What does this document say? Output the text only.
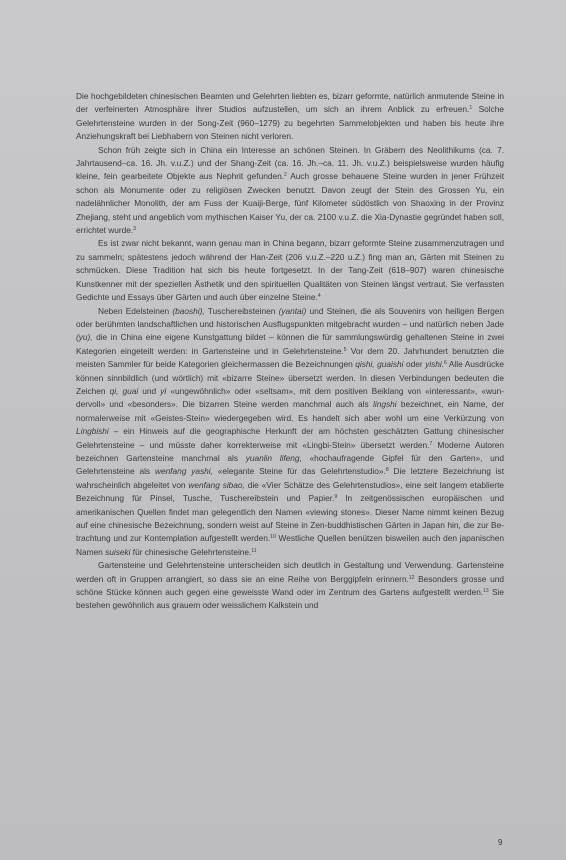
Die hochgebildeten chinesischen Beamten und Gelehrten liebten es, bizarr geformte, natürlich anmutende Steine in der verfeinerten Atmosphäre ihrer Studios aufzustellen, um sich an ihrem Anblick zu erfreuen.$^1$ Solche Gelehrtensteine wurden in der Song-Zeit (960–1279) zu begehrten Sammelobjekten und haben bis heute ihre Anziehungskraft bei Liebhabern von Steinen nicht verloren.

Schon früh zeigte sich in China ein Interesse an schönen Steinen. In Gräbern des Neolithikums (ca. 7. Jahrtausend–ca. 16. Jh. v.u.Z.) und der Shang-Zeit (ca. 16. Jh.–ca. 11. Jh. v.u.Z.) beispielsweise wurden häufig kleine, fein gearbeitete Objekte aus Nephrit gefunden.$^2$ Auch grosse behauene Steine wurden in jener Frühzeit schon als Monumente oder zu religiösen Zwecken benutzt. Davon zeugt der Stein des Grossen Yu, ein nadelähnlicher Monolith, der am Fuss der Kuaiji-Berge, fünf Kilometer südöstlich von Shaoxing in der Provinz Zhejiang, steht und angeblich vom mythischen Kaiser Yu, der ca. 2100 v.u.Z. die Xia-Dynastie gegründet haben soll, errichtet wurde.$^3$

Es ist zwar nicht bekannt, wann genau man in China begann, bizarr geformte Steine zusammenzutragen und zu sammeln; spätestens jedoch während der Han-Zeit (206 v.u.Z.–220 u.Z.) fing man an, Gärten mit Steinen zu schmücken. Diese Tradition hat sich bis heute fortgesetzt. In der Tang-Zeit (618–907) waren chinesische Kunstkenner mit der speziellen Ästhetik und den spirituellen Qualitäten von Steinen längst vertraut. Sie verfassten Gedichte und Essays über Gärten und auch über einzelne Steine.$^4$

Neben Edelsteinen (baoshi), Tuschereibsteinen (yantai) und Steinen, die als Souvenirs von heiligen Bergen oder berühmten landschaftlichen und historischen Ausflugspunkten mitgebracht wurden – und natürlich neben Jade (yu), die in China eine eigene Kunstgattung bildet – können die für sammlungswürdig gehaltenen Steine in zwei Kategorien eingeteilt werden: in Gartensteine und in Gelehrtensteine.$^5$ Vor dem 20. Jahrhundert benutzten die meisten Sammler für beide Kategorien gleichermassen die Bezeichnungen qishi, guaishi oder yishi.$^6$ Alle Ausdrücke können sinnbildlich (und wörtlich) mit «bizarre Steine» übersetzt werden. In diesen Verbindungen bedeuten die Zeichen qi, guai und yi «ungewöhnlich» oder «seltsam», mit dem positiven Beiklang von «interessant», «wundervoll» und «besonders». Die bizarren Steine werden manchmal auch als lingshi bezeichnet, ein Name, der normalerweise mit «Geistes-Stein» wiedergegeben wird. Es handelt sich aber wohl um eine Verkürzung von Lingbishi – ein Hinweis auf die geographische Herkunft der am höchsten geschätzten Gattung chinesischer Gelehrtensteine – und müsste daher korrekterweise mit «Lingbi-Stein» übersetzt werden.$^7$ Moderne Autoren bezeichnen Gartensteine manchmal als yuanlin lifeng, «hochaufragende Gipfel für den Garten», und Gelehrtensteine als wenfang yashi, «elegante Steine für das Gelehrtenstudio».$^8$ Die letztere Bezeichnung ist wahrscheinlich abgeleitet von wenfang sibao, die «Vier Schätze des Gelehrtenstudios», eine seit langem etablierte Bezeichnung für Pinsel, Tusche, Tuschereibstein und Papier.$^9$ In zeitgenössischen europäischen und amerikanischen Quellen findet man gelegentlich den Namen «viewing stones». Dieser Name nimmt keinen Bezug auf eine chinesische Bezeichnung, sondern weist auf Steine in Zen-buddhistischen Gärten in Japan hin, die zur Betrachtung und zur Kontemplation aufgestellt werden.$^{10}$ Westliche Quellen benützen bisweilen auch den japanischen Namen suiseki für chinesische Gelehrtensteine.$^{11}$

Gartensteine und Gelehrtensteine unterscheiden sich deutlich in Gestaltung und Verwendung. Gartensteine werden oft in Gruppen arrangiert, so dass sie an eine Reihe von Berggipfeln erinnern.$^{12}$ Besonders grosse und schöne Stücke können auch gegen eine geweisste Wand oder im Zentrum des Gartens aufgestellt werden.$^{13}$ Sie bestehen gewöhnlich aus grauem oder weisslichem Kalkstein und

9
